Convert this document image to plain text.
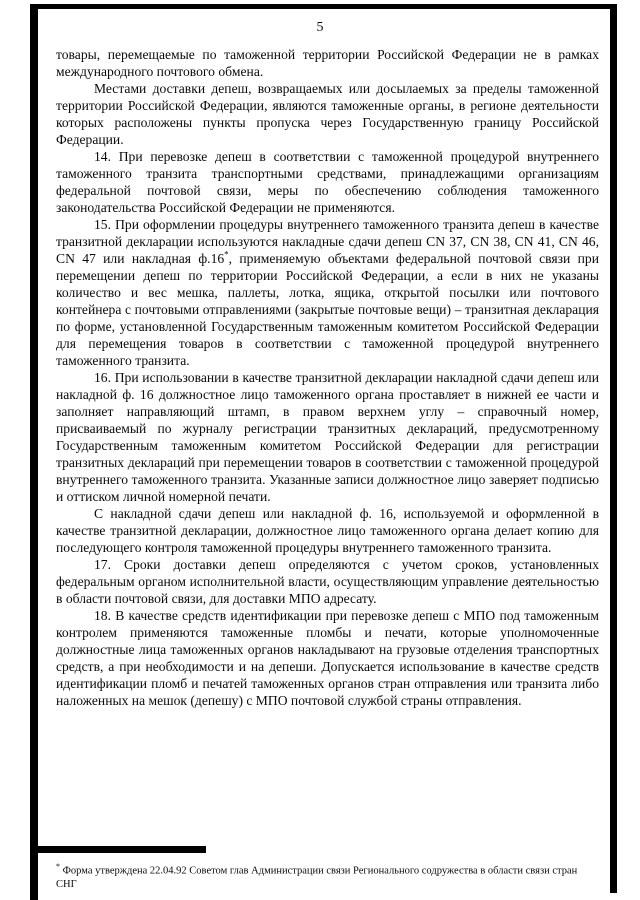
5

товары, перемещаемые по таможенной территории Российской Федерации не в рамках международного почтового обмена.

Местами доставки депеш, возвращаемых или досылаемых за пределы таможенной территории Российской Федерации, являются таможенные органы, в регионе деятельности которых расположены пункты пропуска через Государственную границу Российской Федерации.

14. При перевозке депеш в соответствии с таможенной процедурой внутреннего таможенного транзита транспортными средствами, принадлежащими организациям федеральной почтовой связи, меры по обеспечению соблюдения таможенного законодательства Российской Федерации не применяются.

15. При оформлении процедуры внутреннего таможенного транзита депеш в качестве транзитной декларации используются накладные сдачи депеш CN 37, CN 38, CN 41, CN 46, CN 47 или накладная ф.16*, применяемую объектами федеральной почтовой связи при перемещении депеш по территории Российской Федерации, а если в них не указаны количество и вес мешка, паллеты, лотка, ящика, открытой посылки или почтового контейнера с почтовыми отправлениями (закрытые почтовые вещи) – транзитная декларация по форме, установленной Государственным таможенным комитетом Российской Федерации для перемещения товаров в соответствии с таможенной процедурой внутреннего таможенного транзита.

16. При использовании в качестве транзитной декларации накладной сдачи депеш или накладной ф. 16 должностное лицо таможенного органа проставляет в нижней ее части и заполняет направляющий штамп, в правом верхнем углу – справочный номер, присваиваемый по журналу регистрации транзитных деклараций, предусмотренному Государственным таможенным комитетом Российской Федерации для регистрации транзитных деклараций при перемещении товаров в соответствии с таможенной процедурой внутреннего таможенного транзита. Указанные записи должностное лицо заверяет подписью и оттиском личной номерной печати.

С накладной сдачи депеш или накладной ф. 16, используемой и оформленной в качестве транзитной декларации, должностное лицо таможенного органа делает копию для последующего контроля таможенной процедуры внутреннего таможенного транзита.

17. Сроки доставки депеш определяются с учетом сроков, установленных федеральным органом исполнительной власти, осуществляющим управление деятельностью в области почтовой связи, для доставки МПО адресату.

18. В качестве средств идентификации при перевозке депеш с МПО под таможенным контролем применяются таможенные пломбы и печати, которые уполномоченные должностные лица таможенных органов накладывают на грузовые отделения транспортных средств, а при необходимости и на депеши. Допускается использование в качестве средств идентификации пломб и печатей таможенных органов стран отправления или транзита либо наложенных на мешок (депешу) с МПО почтовой службой страны отправления.

* Форма утверждена 22.04.92 Советом глав Администрации связи Регионального содружества в области связи стран СНГ
